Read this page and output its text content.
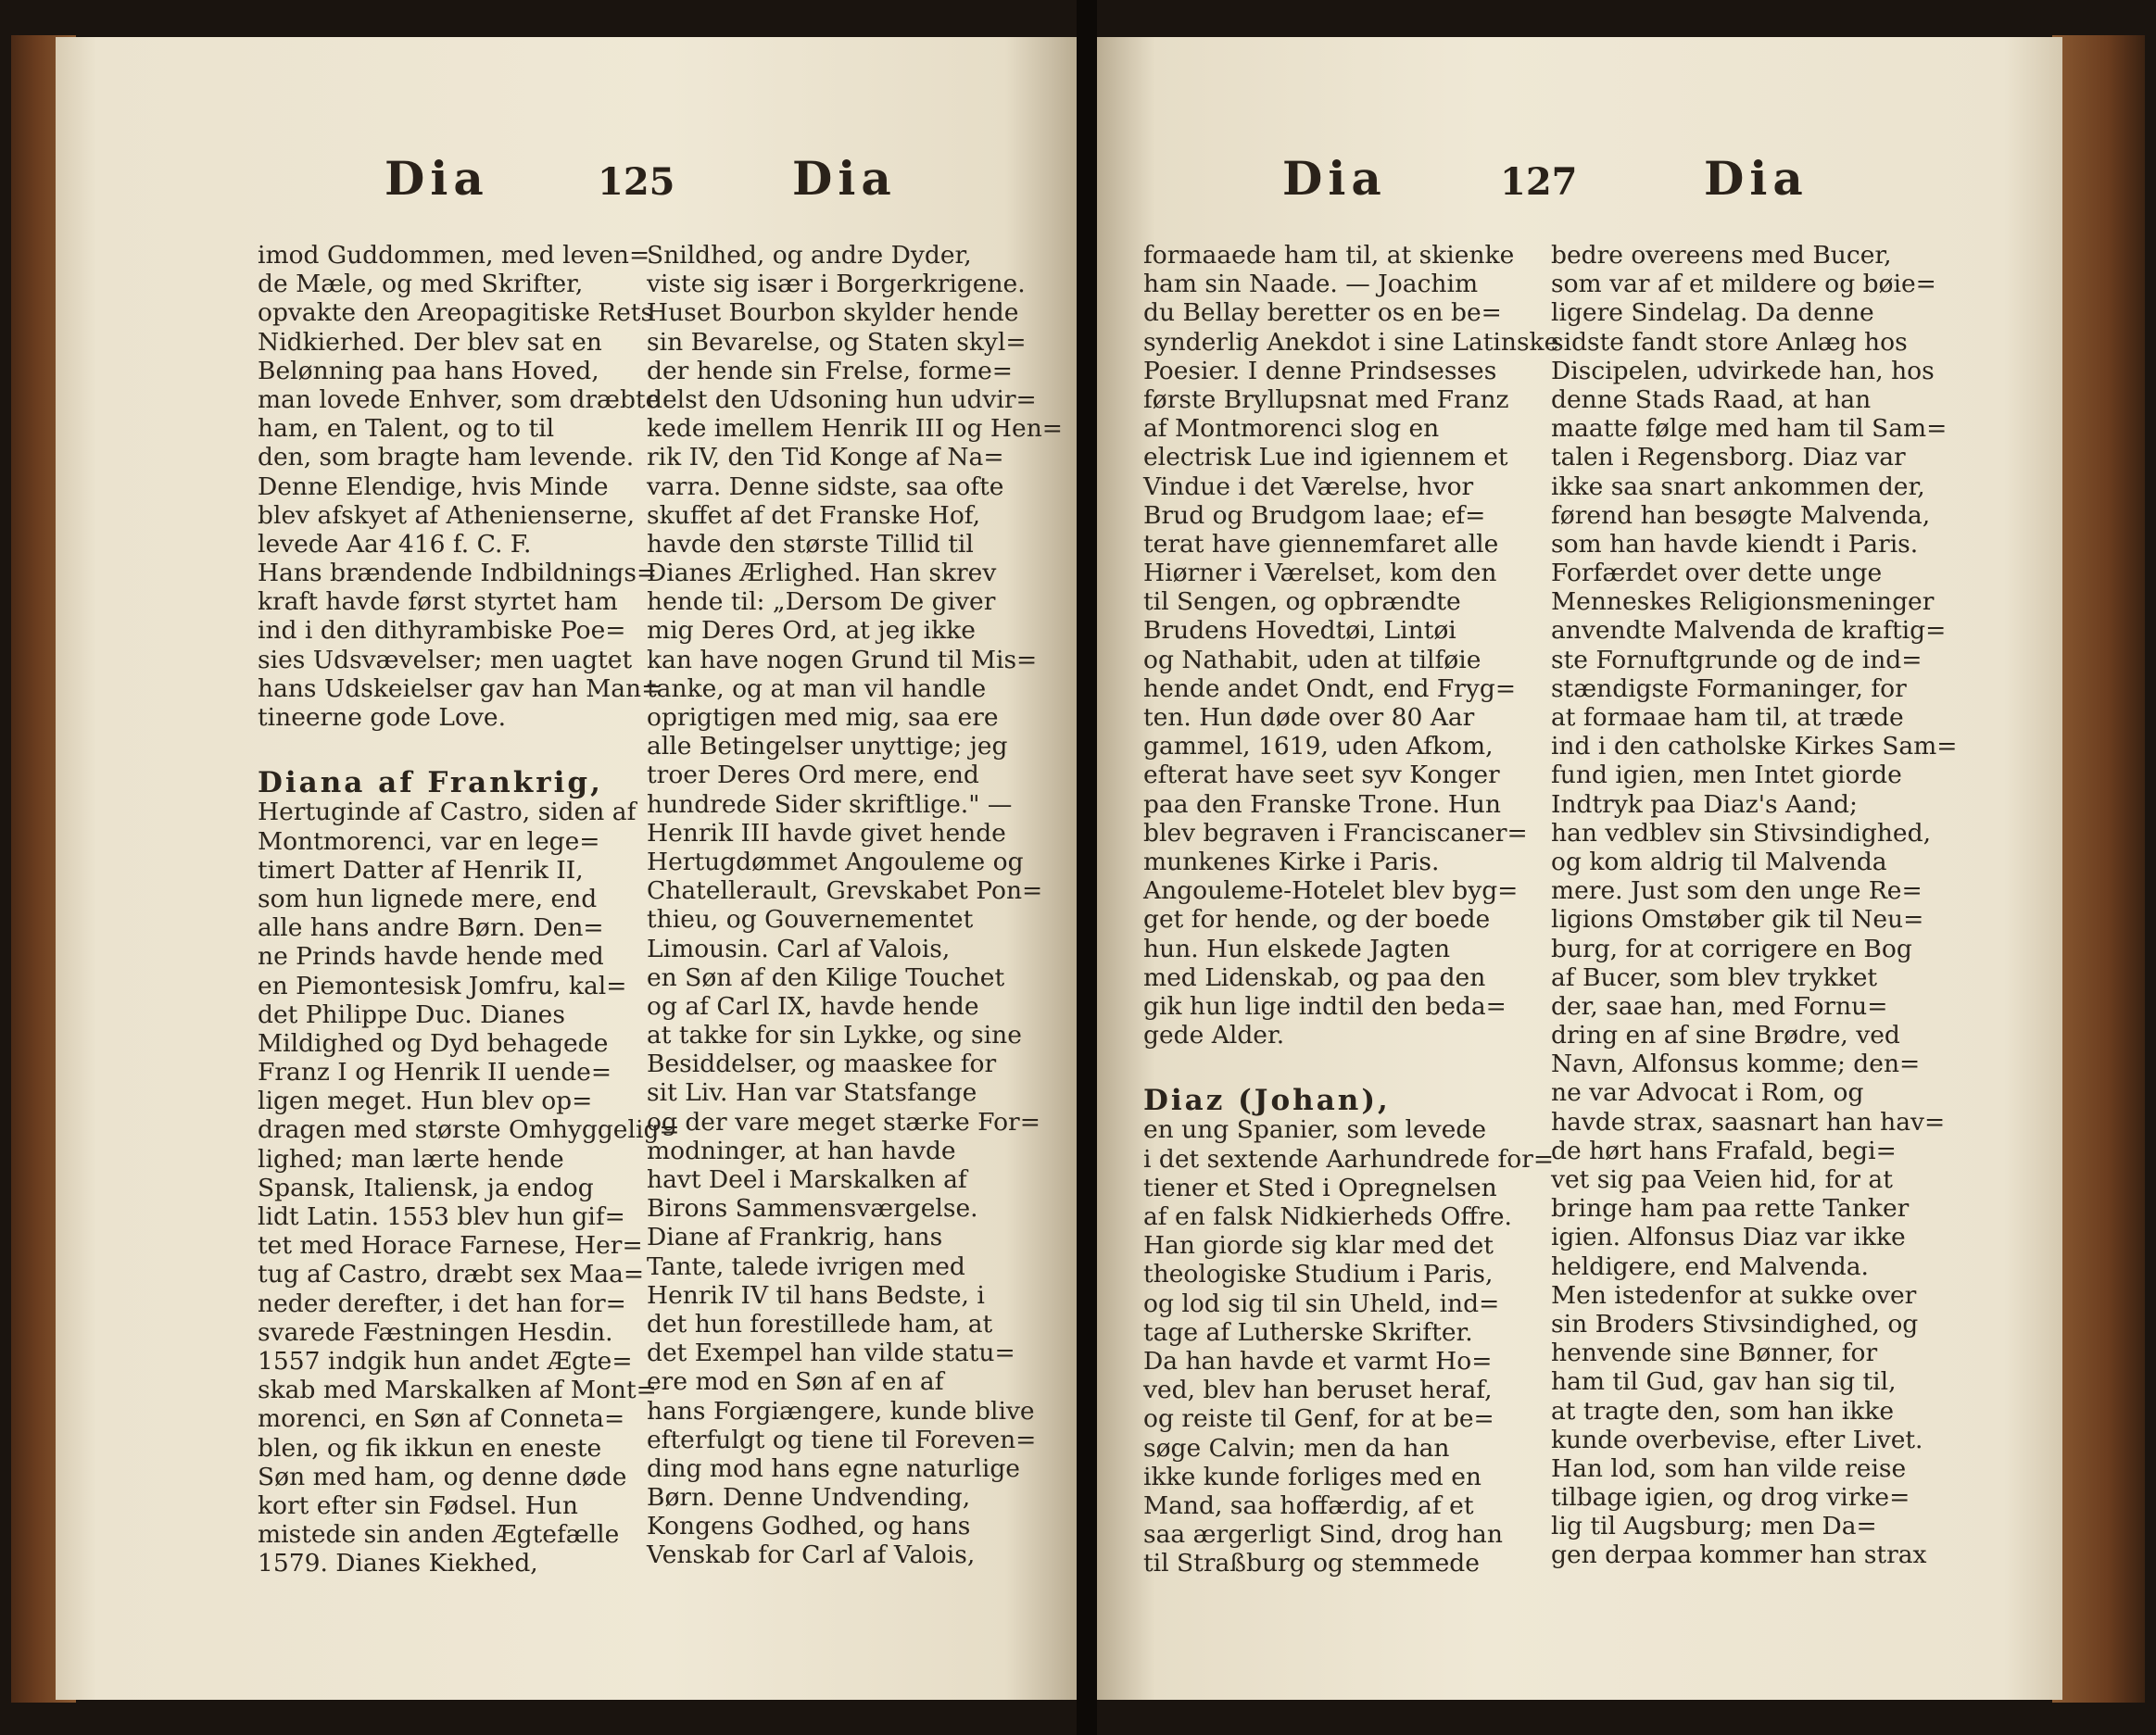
Dia	125	Dia
imod Guddommen, med leven=
de Mæle, og med Skrifter,
opvakte den Areopagitiske Rets
Nidkierhed. Der blev sat en
Belønning paa hans Hoved,
man lovede Enhver, som dræbte
ham, en Talent, og to til
den, som bragte ham levende.
Denne Elendige, hvis Minde
blev afskyet af Athenienserne,
levede Aar 416 f. C. F.
Hans brændende Indbildnings=
kraft havde først styrtet ham
ind i den dithyrambiske Poe=
sies Udsvævelser; men uagtet
hans Udskeielser gav han Man=
tineerne gode Love.
Diana af Frankrig,
Hertuginde af Castro, siden af
Montmorenci, var en lege=
timert Datter af Henrik II,
som hun lignede mere, end
alle hans andre Børn. Den=
ne Prinds havde hende med
en Piemontesisk Jomfru, kal=
det Philippe Duc. Dianes
Mildighed og Dyd behagede
Franz I og Henrik II uende=
ligen meget. Hun blev op=
dragen med største Omhyggelig=
lighed; man lærte hende
Spansk, Italiensk, ja endog
lidt Latin. 1553 blev hun gif=
tet med Horace Farnese, Her=
tug af Castro, dræbt sex Maa=
neder derefter, i det han for=
svarede Fæstningen Hesdin.
1557 indgik hun andet Ægte=
skab med Marskalken af Mont=
morenci, en Søn af Conneta=
blen, og fik ikkun en eneste
Søn med ham, og denne døde
kort efter sin Fødsel. Hun
mistede sin anden Ægtefælle
1579. Dianes Kiekhed,
Snildhed, og andre Dyder,
viste sig især i Borgerkrigene.
Huset Bourbon skylder hende
sin Bevarelse, og Staten skyl=
der hende sin Frelse, forme=
delst den Udsoning hun udvir=
kede imellem Henrik III og Hen=
rik IV, den Tid Konge af Na=
varra. Denne sidste, saa ofte
skuffet af det Franske Hof,
havde den største Tillid til
Dianes Ærlighed. Han skrev
hende til: „Dersom De giver
mig Deres Ord, at jeg ikke
kan have nogen Grund til Mis=
tanke, og at man vil handle
oprigtigen med mig, saa ere
alle Betingelser unyttige; jeg
troer Deres Ord mere, end
hundrede Sider skriftlige." —
Henrik III havde givet hende
Hertugdømmet Angouleme og
Chatellerault, Grevskabet Pon=
thieu, og Gouvernementet
Limousin. Carl af Valois,
en Søn af den Kilige Touchet
og af Carl IX, havde hende
at takke for sin Lykke, og sine
Besiddelser, og maaskee for
sit Liv. Han var Statsfange
og der vare meget stærke For=
modninger, at han havde
havt Deel i Marskalken af
Birons Sammensværgelse.
Diane af Frankrig, hans
Tante, talede ivrigen med
Henrik IV til hans Bedste, i
det hun forestillede ham, at
det Exempel han vilde statu=
ere mod en Søn af en af
hans Forgiængere, kunde blive
efterfulgt og tiene til Foreven=
ding mod hans egne naturlige
Børn. Denne Undvending,
Kongens Godhed, og hans
Venskab for Carl af Valois,
Dia	127	Dia
formaaede ham til, at skienke
ham sin Naade. — Joachim
du Bellay beretter os en be=
synderlig Anekdot i sine Latinske
Poesier. I denne Prindsesses
første Bryllupsnat med Franz
af Montmorenci slog en
electrisk Lue ind igiennem et
Vindue i det Værelse, hvor
Brud og Brudgom laae; ef=
terat have giennemfaret alle
Hiørner i Værelset, kom den
til Sengen, og opbrændte
Brudens Hovedtøi, Lintøi
og Nathabit, uden at tilføie
hende andet Ondt, end Fryg=
ten. Hun døde over 80 Aar
gammel, 1619, uden Afkom,
efterat have seet syv Konger
paa den Franske Trone. Hun
blev begraven i Franciscaner=
munkenes Kirke i Paris.
Angouleme-Hotelet blev byg=
get for hende, og der boede
hun. Hun elskede Jagten
med Lidenskab, og paa den
gik hun lige indtil den beda=
gede Alder.
Diaz (Johan),
en ung Spanier, som levede
i det sextende Aarhundrede for=
tiener et Sted i Opregnelsen
af en falsk Nidkierheds Offre.
Han giorde sig klar med det
theologiske Studium i Paris,
og lod sig til sin Uheld, ind=
tage af Lutherske Skrifter.
Da han havde et varmt Ho=
ved, blev han beruset heraf,
og reiste til Genf, for at be=
søge Calvin; men da han
ikke kunde forliges med en
Mand, saa hoffærdig, af et
saa ærgerligt Sind, drog han
til Straßburg og stemmede
bedre overeens med Bucer,
som var af et mildere og bøie=
ligere Sindelag. Da denne
sidste fandt store Anlæg hos
Discipelen, udvirkede han, hos
denne Stads Raad, at han
maatte følge med ham til Sam=
talen i Regensborg. Diaz var
ikke saa snart ankommen der,
førend han besøgte Malvenda,
som han havde kiendt i Paris.
Forfærdet over dette unge
Menneskes Religionsmeninger
anvendte Malvenda de kraftig=
ste Fornuftgrunde og de ind=
stændigste Formaninger, for
at formaae ham til, at træde
ind i den catholske Kirkes Sam=
fund igien, men Intet giorde
Indtryk paa Diaz's Aand;
han vedblev sin Stivsindighed,
og kom aldrig til Malvenda
mere. Just som den unge Re=
ligions Omstøber gik til Neu=
burg, for at corrigere en Bog
af Bucer, som blev trykket
der, saae han, med Fornu=
dring en af sine Brødre, ved
Navn, Alfonsus komme; den=
ne var Advocat i Rom, og
havde strax, saasnart han hav=
de hørt hans Frafald, begi=
vet sig paa Veien hid, for at
bringe ham paa rette Tanker
igien. Alfonsus Diaz var ikke
heldigere, end Malvenda.
Men istedenfor at sukke over
sin Broders Stivsindighed, og
henvende sine Bønner, for
ham til Gud, gav han sig til,
at tragte den, som han ikke
kunde overbevise, efter Livet.
Han lod, som han vilde reise
tilbage igien, og drog virke=
lig til Augsburg; men Da=
gen derpaa kommer han strax
